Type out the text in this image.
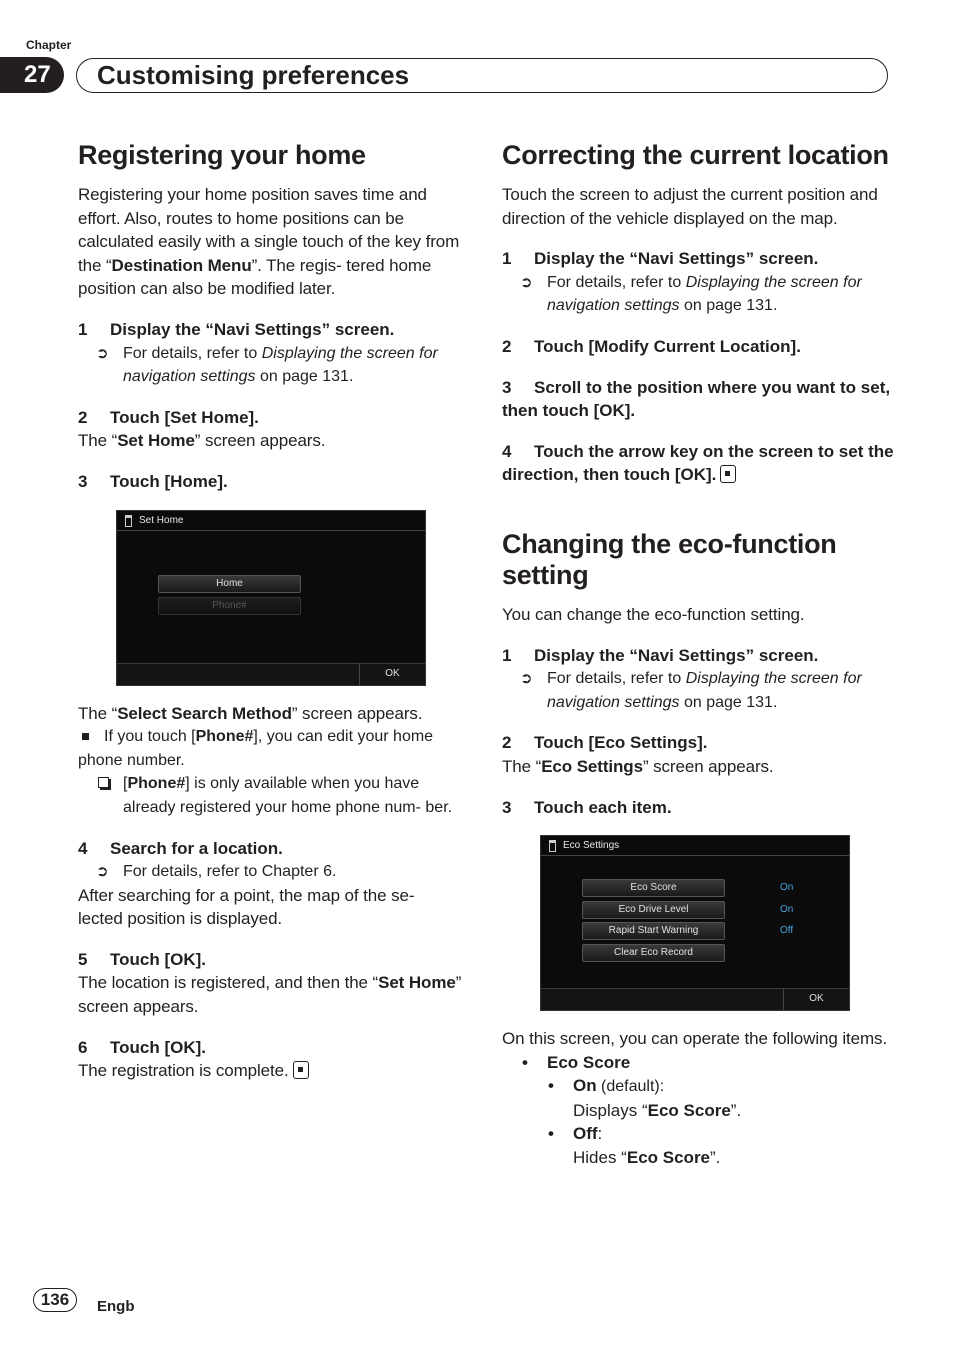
Chapter
27	Customising preferences
Registering your home

Registering your home position saves time and effort. Also, routes to home positions can be calculated easily with a single touch of the key from the “Destination Menu”. The regis- tered home position can also be modified later.

1 Display the “Navi Settings” screen.
➲ For details, refer to Displaying the screen for navigation settings on page 131.
2 Touch [Set Home].

The “Set Home” screen appears.

3 Touch [Home].
Set Home
Home
Phone#
OK

The “Select Search Method” screen appears.

If you touch [Phone#], you can edit your home phone number.
[Phone#] is only available when you have already registered your home phone num- ber.
4 Search for a location.
➲ For details, refer to Chapter 6.

After searching for a point, the map of the se- lected position is displayed.

5 Touch [OK].

The location is registered, and then the “Set Home” screen appears.

6 Touch [OK].

The registration is complete.

Correcting the current location

Touch the screen to adjust the current position and direction of the vehicle displayed on the map.

1 Display the “Navi Settings” screen.
➲ For details, refer to Displaying the screen for navigation settings on page 131.
2 Touch [Modify Current Location].
3 Scroll to the position where you want to set, then touch [OK].
4 Touch the arrow key on the screen to set the direction, then touch [OK].
Changing the eco-function setting

You can change the eco-function setting.

1 Display the “Navi Settings” screen.
➲ For details, refer to Displaying the screen for navigation settings on page 131.
2 Touch [Eco Settings].

The “Eco Settings” screen appears.

3 Touch each item.
Eco Settings
Eco Score	On
Eco Drive Level	On
Rapid Start Warning	Off
Clear Eco Record
OK

On this screen, you can operate the following items.

• Eco Score
• On (default):
Displays “Eco Score”.
• Off:
Hides “Eco Score”.
136	Engb
